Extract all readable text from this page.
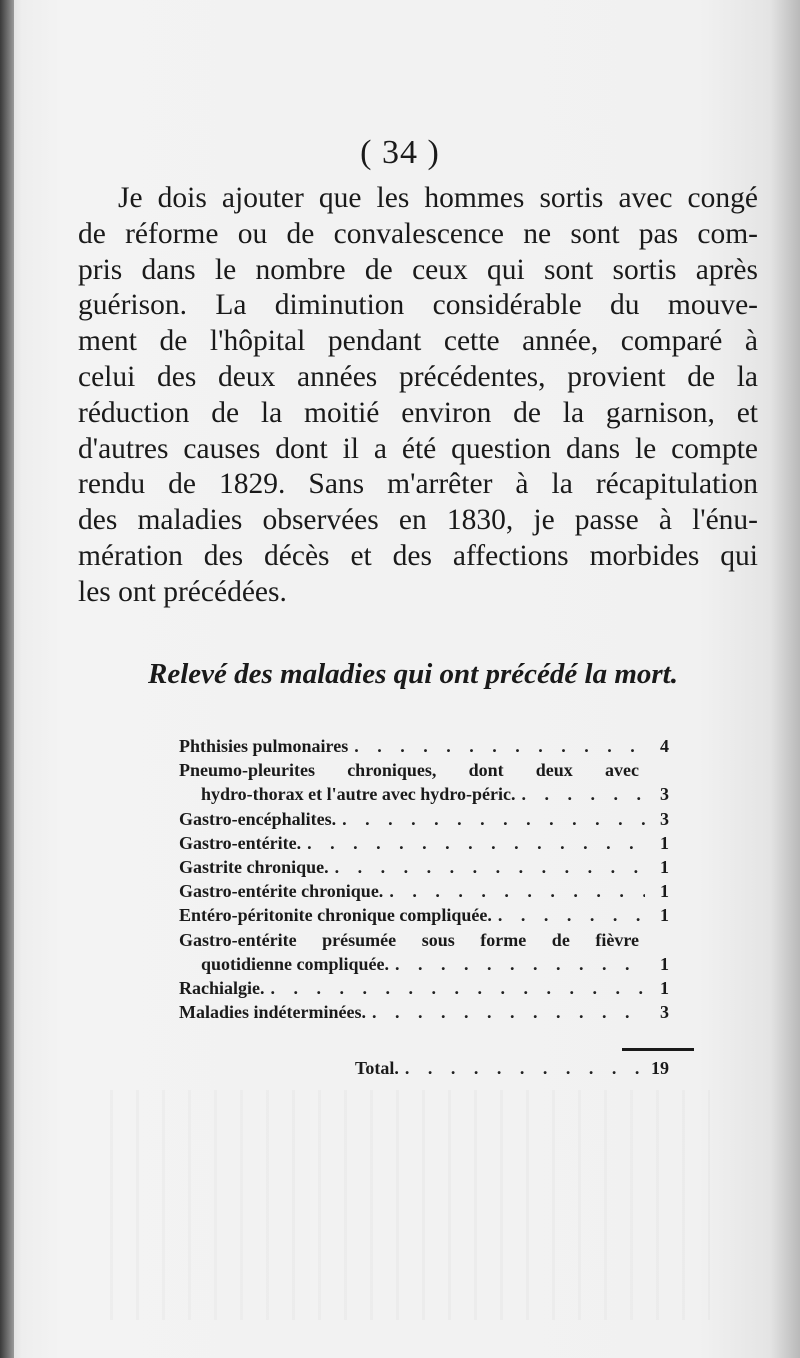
( 34 )
Je dois ajouter que les hommes sortis avec congé
de réforme ou de convalescence ne sont pas com-
pris dans le nombre de ceux qui sont sortis après
guérison. La diminution considérable du mouve-
ment de l'hôpital pendant cette année, comparé à
celui des deux années précédentes, provient de la
réduction de la moitié environ de la garnison, et
d'autres causes dont il a été question dans le compte
rendu de 1829. Sans m'arrêter à la récapitulation
des maladies observées en 1830, je passe à l'énu-
mération des décès et des affections morbides qui
les ont précédées.
Relevé des maladies qui ont précédé la mort.
Phthisies pulmonaires . . .	4
Pneumo-pleurites chroniques, dont deux avec
hydro-thorax et l'autre avec hydro-péric. . . .	3
Gastro-encéphalites. . . .	3
Gastro-entérite. . . .	1
Gastrite chronique. . . .	1
Gastro-entérite chronique. . . .	1
Entéro-péritonite chronique compliquée. . . .	1
Gastro-entérite présumée sous forme de fièvre
quotidienne compliquée. . . .	1
Rachialgie. . . .	1
Maladies indéterminées. . . .	3
Total. . . .	19
